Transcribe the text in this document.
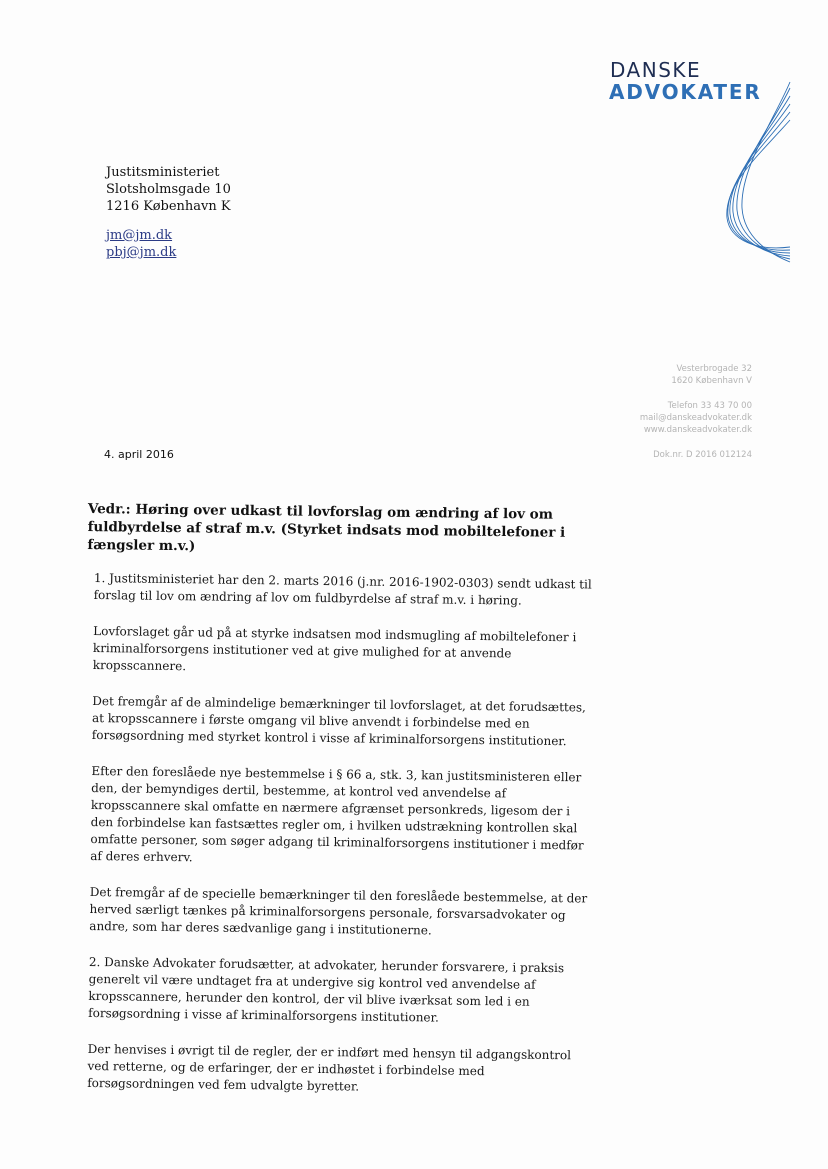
DANSKE
ADVOKATER
Justitsministeriet
Slotsholmsgade 10
1216 København K
jm@jm.dk
pbj@jm.dk
Vesterbrogade 32
1620 København V
Telefon 33 43 70 00
mail@danskeadvokater.dk
www.danskeadvokater.dk
Dok.nr. D 2016 012124
4. april 2016
Vedr.: Høring over udkast til lovforslag om ændring af lov om fuldbyrdelse af straf m.v. (Styrket indsats mod mobiltelefoner i fængsler m.v.)

1. Justitsministeriet har den 2. marts 2016 (j.nr. 2016-1902-0303) sendt udkast til forslag til lov om ændring af lov om fuldbyrdelse af straf m.v. i høring.

Lovforslaget går ud på at styrke indsatsen mod indsmugling af mobiltelefoner i kriminalforsorgens institutioner ved at give mulighed for at anvende kropsscannere.

Det fremgår af de almindelige bemærkninger til lovforslaget, at det forudsættes, at kropsscannere i første omgang vil blive anvendt i forbindelse med en forsøgsordning med styrket kontrol i visse af kriminalforsorgens institutioner.

Efter den foreslåede nye bestemmelse i § 66 a, stk. 3, kan justitsministeren eller den, der bemyndiges dertil, bestemme, at kontrol ved anvendelse af kropsscannere skal omfatte en nærmere afgrænset personkreds, ligesom der i den forbindelse kan fastsættes regler om, i hvilken udstrækning kontrollen skal omfatte personer, som søger adgang til kriminalforsorgens institutioner i medfør af deres erhverv.

Det fremgår af de specielle bemærkninger til den foreslåede bestemmelse, at der herved særligt tænkes på kriminalforsorgens personale, forsvarsadvokater og andre, som har deres sædvanlige gang i institutionerne.

2. Danske Advokater forudsætter, at advokater, herunder forsvarere, i praksis generelt vil være undtaget fra at undergive sig kontrol ved anvendelse af kropsscannere, herunder den kontrol, der vil blive iværksat som led i en forsøgsordning i visse af kriminalforsorgens institutioner.

Der henvises i øvrigt til de regler, der er indført med hensyn til adgangskontrol ved retterne, og de erfaringer, der er indhøstet i forbindelse med forsøgsordningen ved fem udvalgte byretter.
